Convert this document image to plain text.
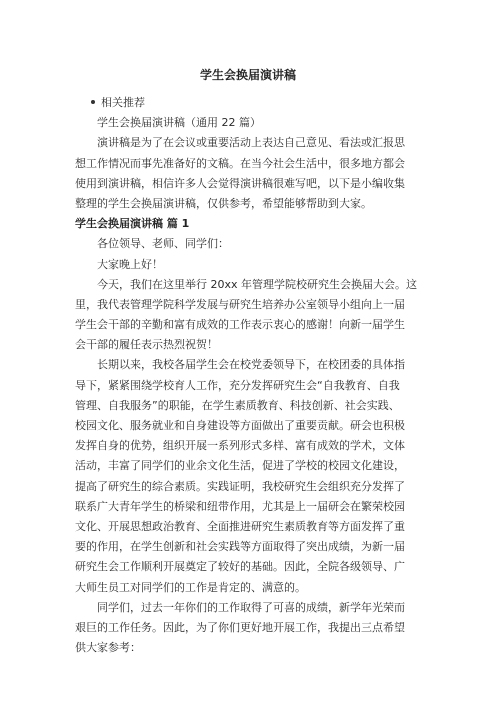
学生会换届演讲稿
相关推荐
学生会换届演讲稿（通用 22 篇）
演讲稿是为了在会议或重要活动上表达自己意见、看法或汇报思
想工作情况而事先准备好的文稿。在当今社会生活中，很多地方都会
使用到演讲稿，相信许多人会觉得演讲稿很难写吧，以下是小编收集
整理的学生会换届演讲稿，仅供参考，希望能够帮助到大家。
学生会换届演讲稿 篇 1
各位领导、老师、同学们：
大家晚上好！
今天，我们在这里举行 20xx 年管理学院校研究生会换届大会。这
里，我代表管理学院科学发展与研究生培养办公室领导小组向上一届
学生会干部的辛勤和富有成效的工作表示衷心的感谢！向新一届学生
会干部的履任表示热烈祝贺！
长期以来，我校各届学生会在校党委领导下，在校团委的具体指
导下，紧紧围绕学校育人工作，充分发挥研究生会“自我教育、自我
管理、自我服务”的职能，在学生素质教育、科技创新、社会实践、
校园文化、服务就业和自身建设等方面做出了重要贡献。研会也积极
发挥自身的优势，组织开展一系列形式多样、富有成效的学术，文体
活动，丰富了同学们的业余文化生活，促进了学校的校园文化建设，
提高了研究生的综合素质。实践证明，我校研究生会组织充分发挥了
联系广大青年学生的桥梁和纽带作用，尤其是上一届研会在繁荣校园
文化、开展思想政治教育、全面推进研究生素质教育等方面发挥了重
要的作用，在学生创新和社会实践等方面取得了突出成绩，为新一届
研究生会工作顺利开展奠定了较好的基础。因此，全院各级领导、广
大师生员工对同学们的工作是肯定的、满意的。
同学们，过去一年你们的工作取得了可喜的成绩，新学年光荣而
艰巨的工作任务。因此，为了你们更好地开展工作，我提出三点希望
供大家参考：
